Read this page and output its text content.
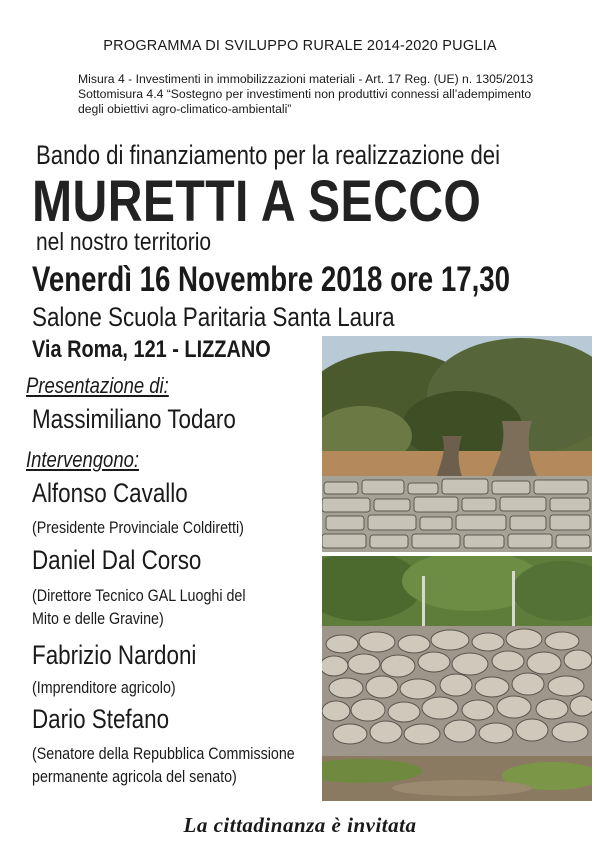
PROGRAMMA DI SVILUPPO RURALE 2014-2020 PUGLIA
Misura 4 - Investimenti in immobilizzazioni materiali - Art. 17 Reg. (UE) n. 1305/2013
Sottomisura 4.4 “Sostegno per investimenti non produttivi connessi all’adempimento
degli obiettivi agro-climatico-ambientali”
Bando di finanziamento per la realizzazione dei
MURETTI A SECCO
nel nostro territorio
Venerdì 16 Novembre 2018 ore 17,30
Salone Scuola Paritaria Santa Laura
Via Roma, 121 - LIZZANO
Presentazione di:
Massimiliano Todaro
Intervengono:
Alfonso Cavallo
(Presidente Provinciale Coldiretti)
Daniel Dal Corso
(Direttore Tecnico GAL Luoghi del
Mito e delle Gravine)
Fabrizio Nardoni
(Imprenditore agricolo)
Dario Stefano
(Senatore della Repubblica Commissione
permanente agricola del senato)
La cittadinanza è invitata
